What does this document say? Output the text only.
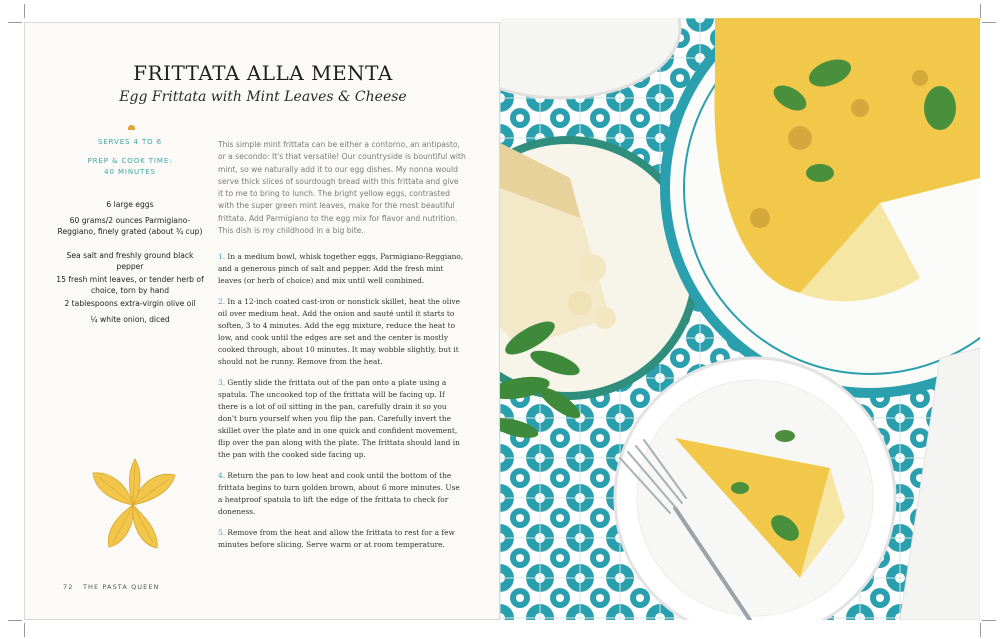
FRITTATA ALLA MENTA
Egg Frittata with Mint Leaves & Cheese
SERVES 4 TO 6
PREP & COOK TIME:
40 MINUTES
6 large eggs
60 grams/2 ounces Parmigiano-Reggiano, finely grated (about ¾ cup)
Sea salt and freshly ground black pepper
15 fresh mint leaves, or tender herb of choice, torn by hand
2 tablespoons extra-virgin olive oil
¼ white onion, diced
This simple mint frittata can be either a contorno, an antipasto, or a secondo: It's that versatile! Our countryside is bountiful with mint, so we naturally add it to our egg dishes. My nonna would serve thick slices of sourdough bread with this frittata and give it to me to bring to lunch. The bright yellow eggs, contrasted with the super green mint leaves, make for the most beautiful frittata. Add Parmigiano to the egg mix for flavor and nutrition. This dish is my childhood in a big bite.
1. In a medium bowl, whisk together eggs, Parmigiano-Reggiano, and a generous pinch of salt and pepper. Add the fresh mint leaves (or herb of choice) and mix until well combined.
2. In a 12-inch coated cast-iron or nonstick skillet, heat the olive oil over medium heat. Add the onion and sauté until it starts to soften, 3 to 4 minutes. Add the egg mixture, reduce the heat to low, and cook until the edges are set and the center is mostly cooked through, about 10 minutes. It may wobble slightly, but it should not be runny. Remove from the heat.
3. Gently slide the frittata out of the pan onto a plate using a spatula. The uncooked top of the frittata will be facing up. If there is a lot of oil sitting in the pan, carefully drain it so you don't burn yourself when you flip the pan. Carefully invert the skillet over the plate and in one quick and confident movement, flip over the pan along with the plate. The frittata should land in the pan with the cooked side facing up.
4. Return the pan to low heat and cook until the bottom of the frittata begins to turn golden brown, about 6 more minutes. Use a heatproof spatula to lift the edge of the frittata to check for doneness.
5. Remove from the heat and allow the frittata to rest for a few minutes before slicing. Serve warm or at room temperature.
72 THE PASTA QUEEN
